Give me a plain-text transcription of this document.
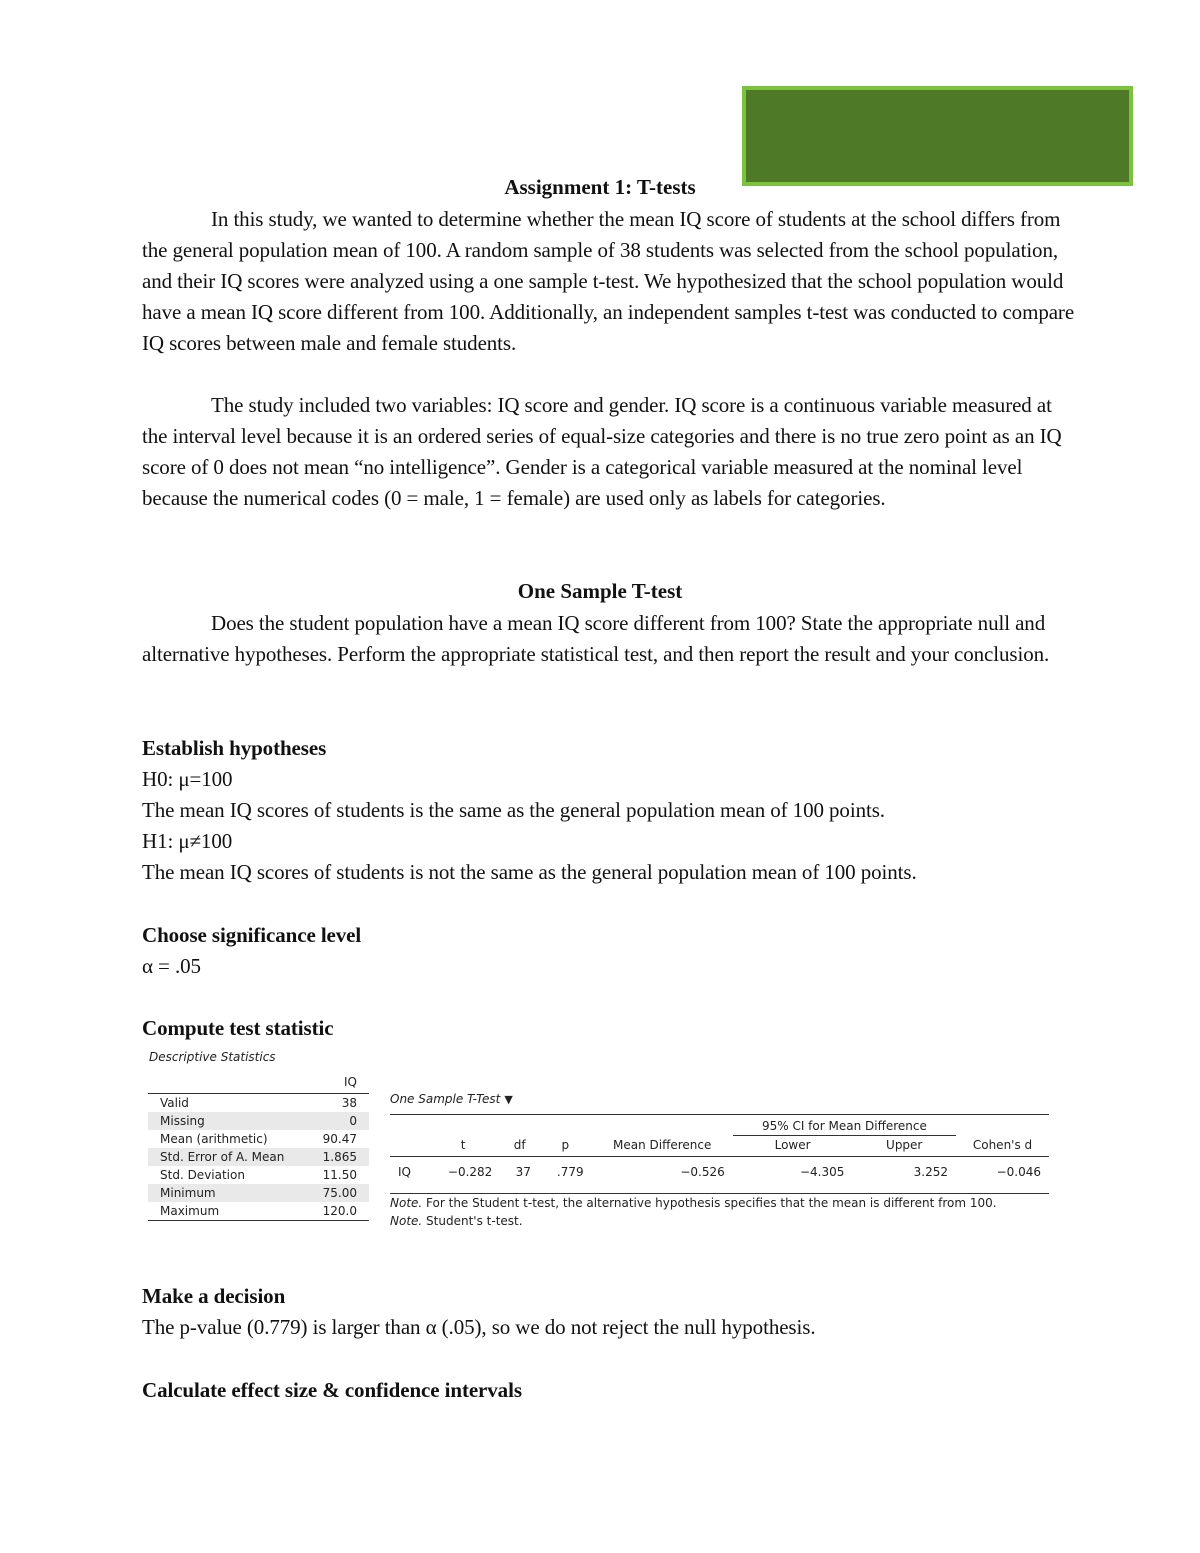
Assignment 1: T-tests
In this study, we wanted to determine whether the mean IQ score of students at the school differs from the general population mean of 100. A random sample of 38 students was selected from the school population, and their IQ scores were analyzed using a one sample t-test. We hypothesized that the school population would have a mean IQ score different from 100. Additionally, an independent samples t-test was conducted to compare IQ scores between male and female students.
The study included two variables: IQ score and gender. IQ score is a continuous variable measured at the interval level because it is an ordered series of equal-size categories and there is no true zero point as an IQ score of 0 does not mean “no intelligence”. Gender is a categorical variable measured at the nominal level because the numerical codes (0 = male, 1 = female) are used only as labels for categories.
One Sample T-test
Does the student population have a mean IQ score different from 100? State the appropriate null and alternative hypotheses. Perform the appropriate statistical test, and then report the result and your conclusion.
Establish hypotheses
H0: μ=100
The mean IQ scores of students is the same as the general population mean of 100 points.
H1: μ≠100
The mean IQ scores of students is not the same as the general population mean of 100 points.
Choose significance level
α = .05
Compute test statistic
Descriptive Statistics
	IQ
Valid	38
Missing	0
Mean (arithmetic)	90.47
Std. Error of A. Mean	1.865
Std. Deviation	11.50
Minimum	75.00
Maximum	120.0
One Sample T-Test ▼
					95% CI for Mean Difference		
	t	df	p	Mean Difference	Lower	Upper	Cohen's d
IQ	−0.282	37	.779	−0.526	−4.305	3.252	−0.046
Note. For the Student t-test, the alternative hypothesis specifies that the mean is different from 100.
Note. Student's t-test.
Make a decision
The p-value (0.779) is larger than α (.05), so we do not reject the null hypothesis.
Calculate effect size & confidence intervals
